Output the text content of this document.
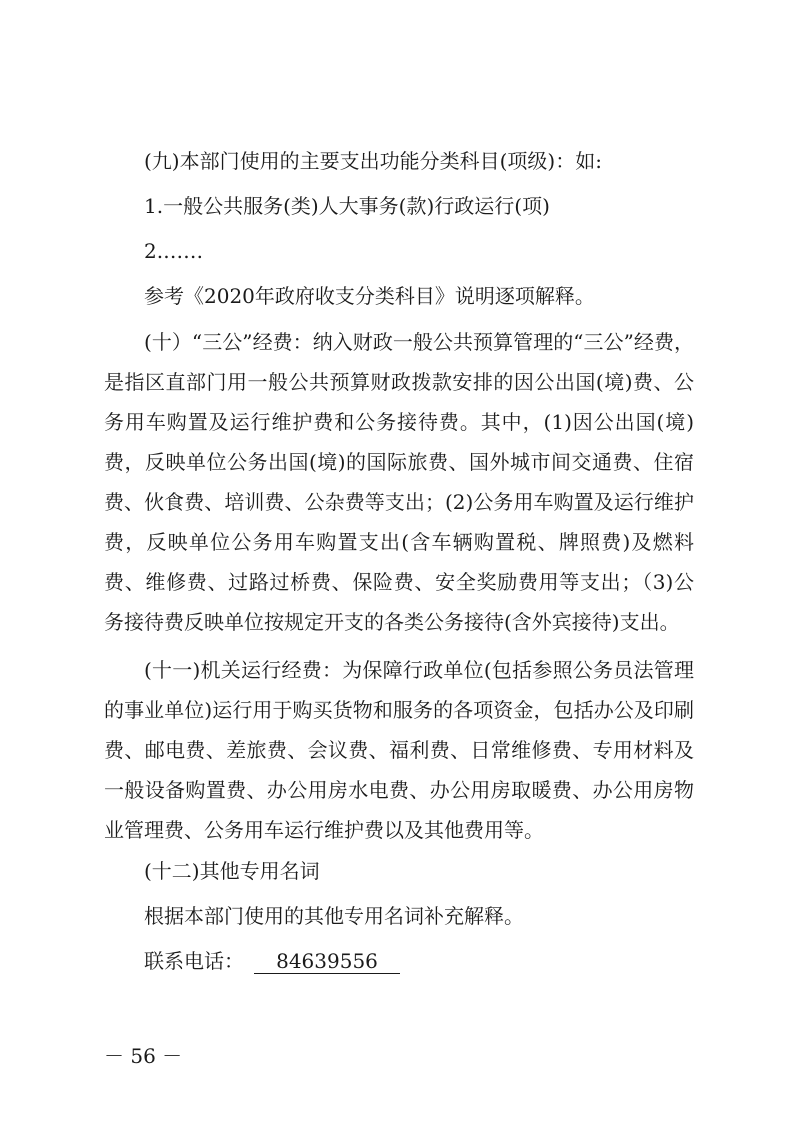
(九)本部门使用的主要支出功能分类科目(项级)：如:
1.一般公共服务(类)人大事务(款)行政运行(项)
2.……
参考《2020年政府收支分类科目》说明逐项解释。

(十）“三公”经费：纳入财政一般公共预算管理的“三公”经费，是指区直部门用一般公共预算财政拨款安排的因公出国(境)费、公务用车购置及运行维护费和公务接待费。其中，(1)因公出国(境)费，反映单位公务出国(境)的国际旅费、国外城市间交通费、住宿费、伙食费、培训费、公杂费等支出；(2)公务用车购置及运行维护费，反映单位公务用车购置支出(含车辆购置税、牌照费)及燃料费、维修费、过路过桥费、保险费、安全奖励费用等支出；（3)公务接待费反映单位按规定开支的各类公务接待(含外宾接待)支出。

(十一)机关运行经费：为保障行政单位(包括参照公务员法管理的事业单位)运行用于购买货物和服务的各项资金，包括办公及印刷费、邮电费、差旅费、会议费、福利费、日常维修费、专用材料及一般设备购置费、办公用房水电费、办公用房取暖费、办公用房物业管理费、公务用车运行维护费以及其他费用等。

(十二)其他专用名词
根据本部门使用的其他专用名词补充解释。
联系电话： 84639556
－ 56 －
